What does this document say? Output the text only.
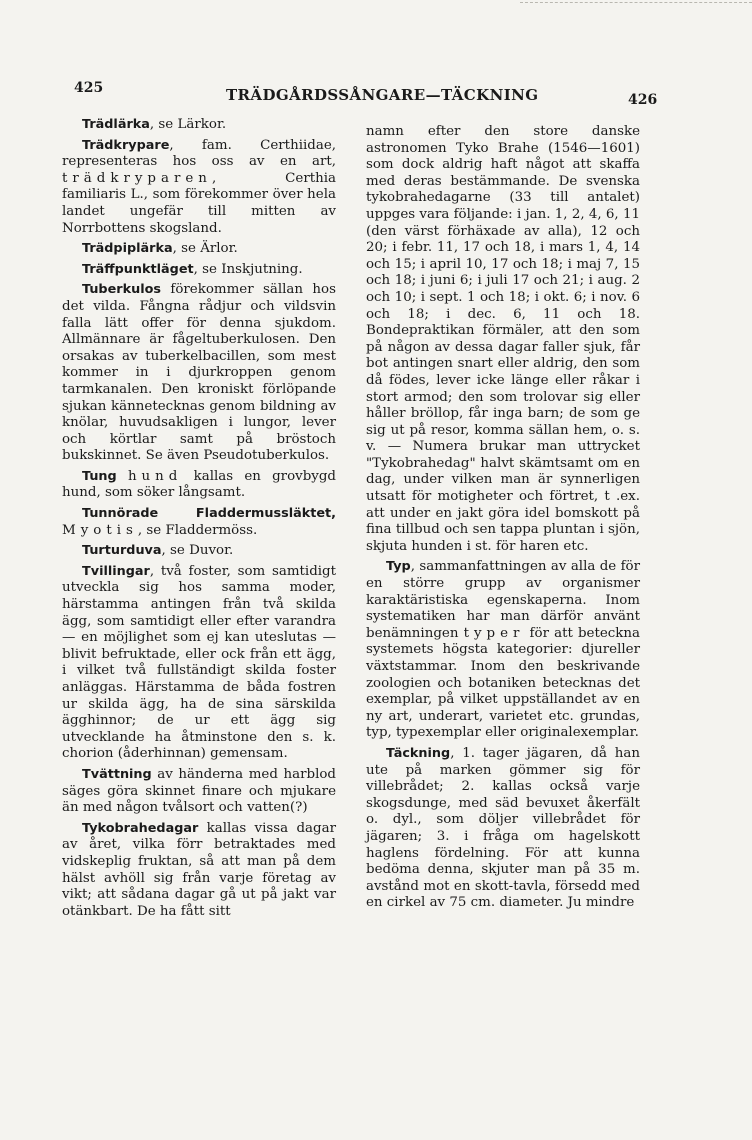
425	TRÄDGÅRDSSÅNGARE—TÄCKNING	426

Trädlärka, se Lärkor.

Trädkrypare, fam. Certhiidae, representeras hos oss av en art, trädkryparen, Certhia familiaris L., som förekommer över hela landet ungefär till mitten av Norrbottens skogsland.

Trädpiplärka, se Ärlor.

Träffpunktläget, se Inskjutning.

Tuberkulos förekommer sällan hos det vilda. Fångna rådjur och vildsvin falla lätt offer för denna sjukdom. Allmännare är fågeltuberkulosen. Den orsakas av tuberkelbacillen, som mest kommer in i djurkroppen genom tarmkanalen. Den kroniskt förlöpande sjukan kännetecknas genom bildning av knölar, huvudsakligen i lungor, lever och körtlar samt på bröstoch bukskinnet. Se även Pseudotuberkulos.

Tung hund kallas en grovbygd hund, som söker långsamt.

Tunnörade Fladdermussläktet, Myotis, se Fladdermöss.

Turturduva, se Duvor.

Tvillingar, två foster, som samtidigt utveckla sig hos samma moder, härstamma antingen från två skilda ägg, som samtidigt eller efter varandra — en möjlighet som ej kan uteslutas — blivit befruktade, eller ock från ett ägg, i vilket två fullständigt skilda foster anläggas. Härstamma de båda fostren ur skilda ägg, ha de sina särskilda ägghinnor; de ur ett ägg sig utvecklande ha åtminstone den s. k. chorion (åderhinnan) gemensam.

Tvättning av händerna med harblod säges göra skinnet finare och mjukare än med någon tvålsort och vatten(?)

Tykobrahedagar kallas vissa dagar av året, vilka förr betraktades med vidskeplig fruktan, så att man på dem hälst avhöll sig från varje företag av vikt; att sådana dagar gå ut på jakt var otänkbart. De ha fått sitt

namn efter den store danske astronomen Tyko Brahe (1546—1601) som dock aldrig haft något att skaffa med deras bestämmande. De svenska tykobrahedagarne (33 till antalet) uppges vara följande: i jan. 1, 2, 4, 6, 11 (den värst förhäxade av alla), 12 och 20; i febr. 11, 17 och 18, i mars 1, 4, 14 och 15; i april 10, 17 och 18; i maj 7, 15 och 18; i juni 6; i juli 17 och 21; i aug. 2 och 10; i sept. 1 och 18; i okt. 6; i nov. 6 och 18; i dec. 6, 11 och 18. Bondepraktikan förmäler, att den som på någon av dessa dagar faller sjuk, får bot antingen snart eller aldrig, den som då födes, lever icke länge eller råkar i stort armod; den som trolovar sig eller håller bröllop, får inga barn; de som ge sig ut på resor, komma sällan hem, o. s. v. — Numera brukar man uttrycket "Tykobrahedag" halvt skämtsamt om en dag, under vilken man är synnerligen utsatt för motigheter och förtret, t .ex. att under en jakt göra idel bomskott på fina tillbud och sen tappa pluntan i sjön, skjuta hunden i st. för haren etc.

Typ, sammanfattningen av alla de för en större grupp av organismer karaktäristiska egenskaperna. Inom systematiken har man därför använt benämningen typer för att beteckna systemets högsta kategorier: djureller växtstammar. Inom den beskrivande zoologien och botaniken betecknas det exemplar, på vilket uppställandet av en ny art, underart, varietet etc. grundas, typ, typexemplar eller originalexemplar.

Täckning, 1. tager jägaren, då han ute på marken gömmer sig för villebrådet; 2. kallas också varje skogsdunge, med säd bevuxet åkerfält o. dyl., som döljer villebrådet för jägaren; 3. i fråga om hagelskott haglens fördelning. För att kunna bedöma denna, skjuter man på 35 m. avstånd mot en skott-tavla, försedd med en cirkel av 75 cm. diameter. Ju mindre
